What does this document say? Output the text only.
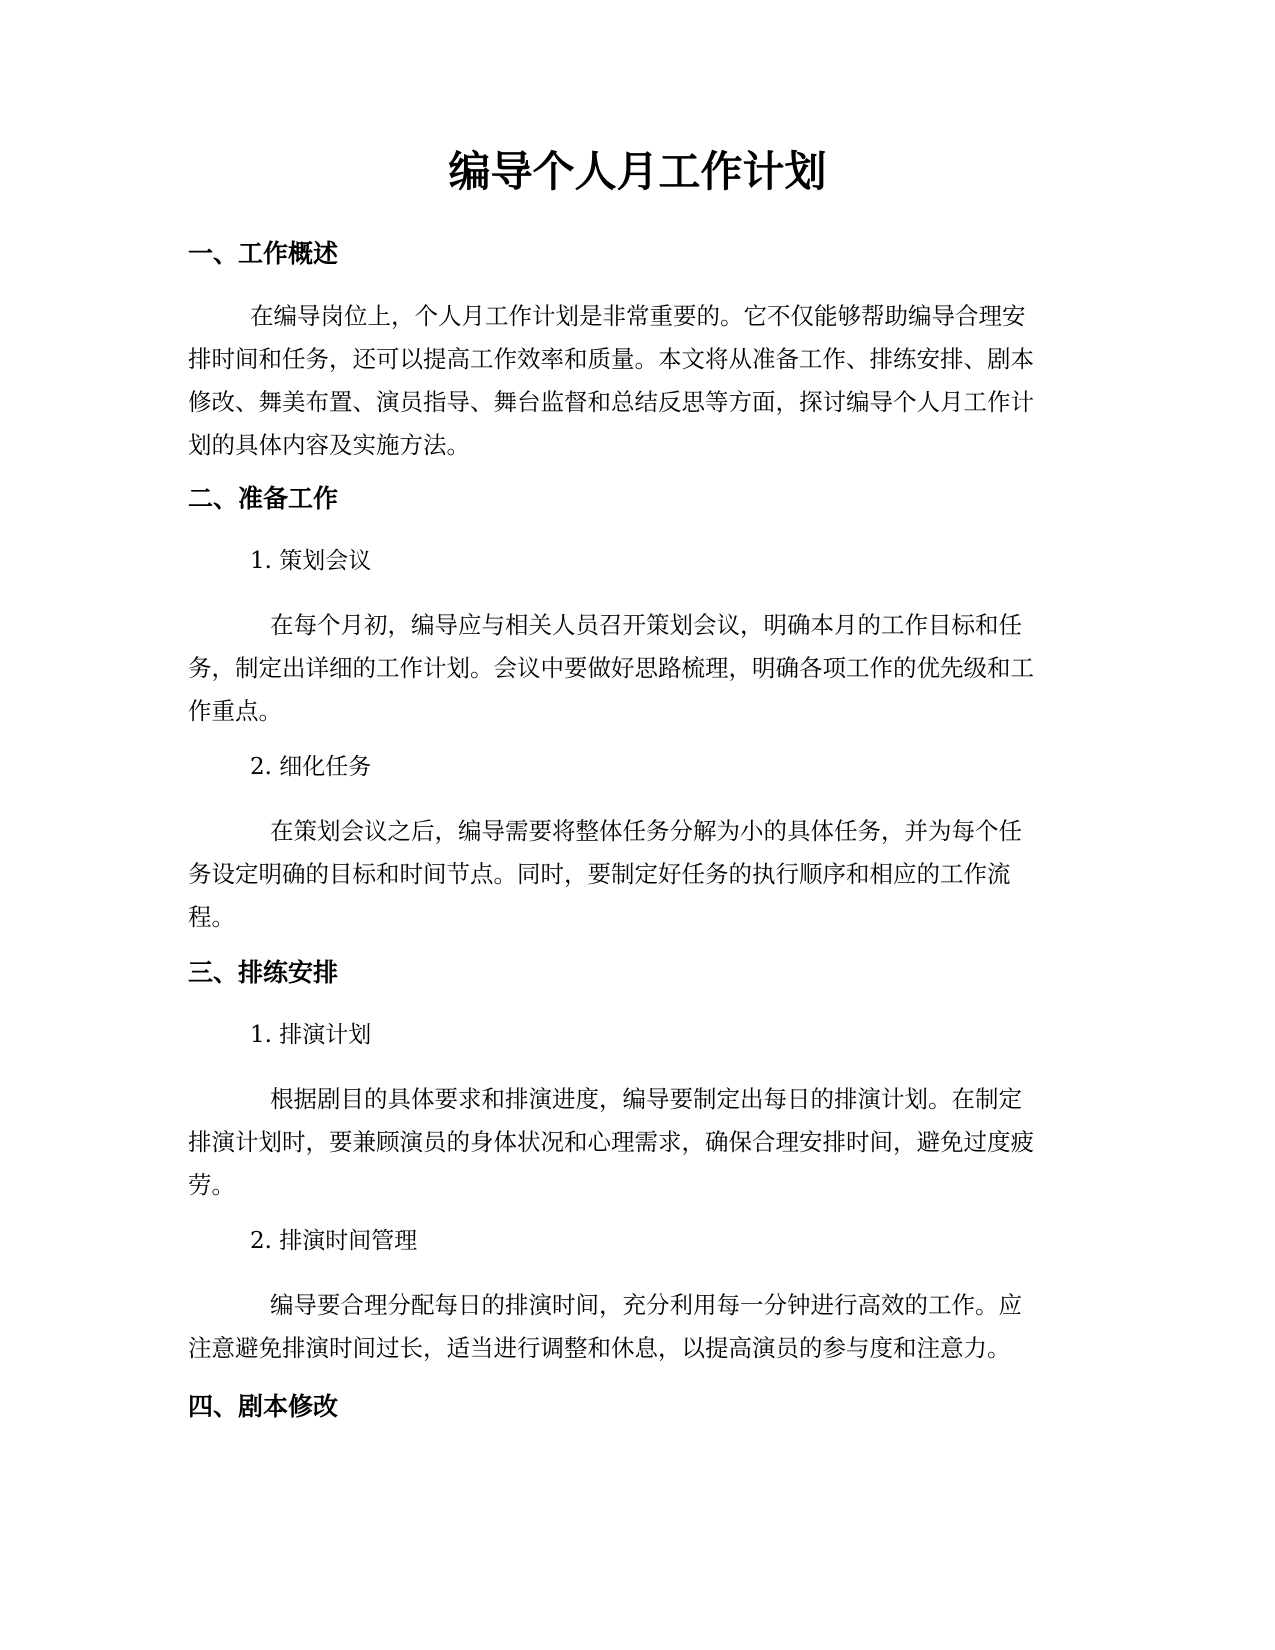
编导个人月工作计划
一、工作概述
在编导岗位上，个人月工作计划是非常重要的。它不仅能够帮助编导合理安
排时间和任务，还可以提高工作效率和质量。本文将从准备工作、排练安排、剧本
修改、舞美布置、演员指导、舞台监督和总结反思等方面，探讨编导个人月工作计
划的具体内容及实施方法。
二、准备工作
1. 策划会议
在每个月初，编导应与相关人员召开策划会议，明确本月的工作目标和任
务，制定出详细的工作计划。会议中要做好思路梳理，明确各项工作的优先级和工
作重点。
2. 细化任务
在策划会议之后，编导需要将整体任务分解为小的具体任务，并为每个任
务设定明确的目标和时间节点。同时，要制定好任务的执行顺序和相应的工作流
程。
三、排练安排
1. 排演计划
根据剧目的具体要求和排演进度，编导要制定出每日的排演计划。在制定
排演计划时，要兼顾演员的身体状况和心理需求，确保合理安排时间，避免过度疲
劳。
2. 排演时间管理
编导要合理分配每日的排演时间，充分利用每一分钟进行高效的工作。应
注意避免排演时间过长，适当进行调整和休息，以提高演员的参与度和注意力。
四、剧本修改
